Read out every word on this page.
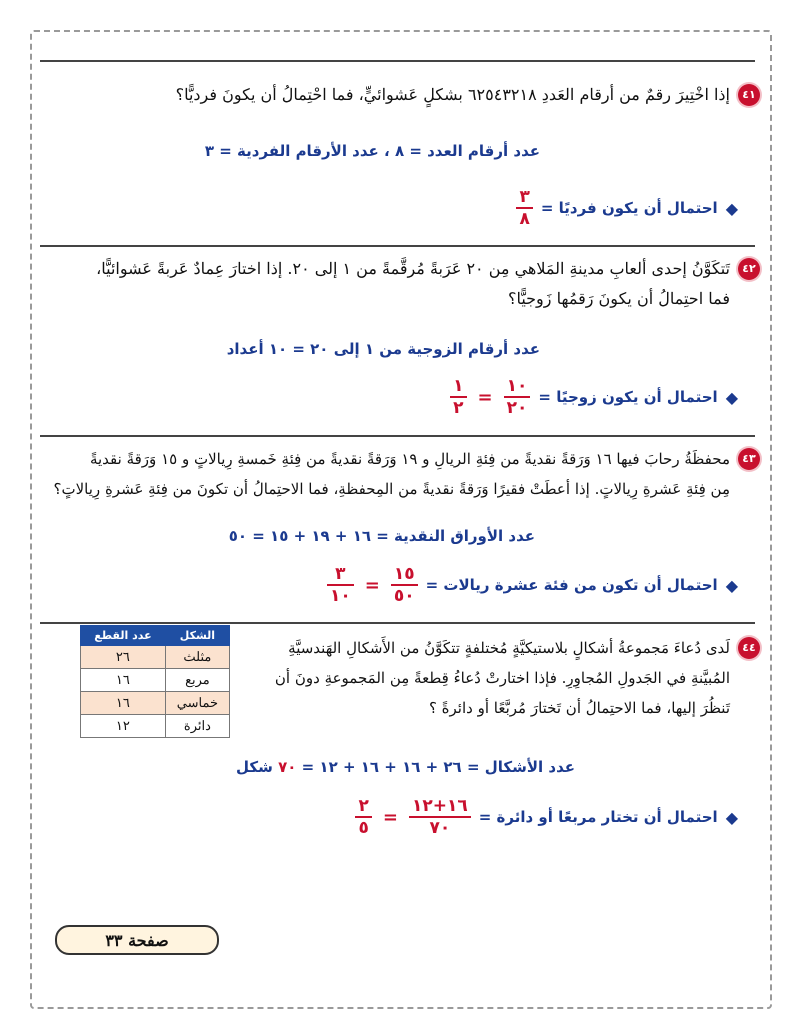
٤١
إذا اخْتِيرَ رقمٌ من أرقام العَددِ ٦٢٥٤٣٢١٨ بشكلٍ عَشوائيٍّ، فما احْتِمالُ أن يكونَ فرديًّا؟
عدد أرقام العدد = ٨ ، عدد الأرقام الفردية = ٣
◆
احتمال أن يكون فرديًا =
$\frac{٣}{٨}$
٤٢
تَتكَوَّنُ إحدى ألعابِ مدينةِ المَلاهي مِن ٢٠ عَرَبةً مُرقَّمةً من ١ إلى ٢٠. إذا اختارَ عِمادٌ عَربةً عَشوائيًّا،
فما احتِمالُ أن يكونَ رَقمُها زَوجيًّا؟
عدد أرقام الزوجية من ١ إلى ٢٠ = ١٠ أعداد
◆
احتمال أن يكون زوجيًا =
$\frac{١٠}{٢٠}$
=
$\frac{١}{٢}$
٤٣
محفظَةُ رحابَ فيها ١٦ وَرَقةً نقديةً من فِئةِ الريالِ و ١٩ وَرَقةً نقديةً من فِئةِ خَمسةِ رِيالاتٍ و ١٥ وَرَقةً نقديةً
مِن فِئةِ عَشرةِ رِيالاتٍ. إذا أعطَتْ فقيرًا وَرَقةً نقديةً من المِحفظةِ، فما الاحتِمالُ أن تكونَ من فِئةِ عَشرةِ رِيالاتٍ؟
عدد الأوراق النقدية = ١٦ + ١٩ + ١٥ = ٥٠
◆
احتمال أن تكون من فئة عشرة ريالات =
$\frac{١٥}{٥٠}$
=
$\frac{٣}{١٠}$
٤٤
لَدى دُعاءَ مَجموعةُ أشكالٍ بلاستيكيَّةٍ مُختلفةٍ تتكَوَّنُ من الأَشكالِ الهَندسيَّةِ
المُبيَّنةِ في الجَدولِ المُجاوِرِ. فإذا اختارتْ دُعاءُ قِطعةً مِن المَجموعةِ دونَ أن
تَنظُرَ إليها، فما الاحتِمالُ أن تَختارَ مُربَّعًا أو دائرةً ؟
الشكل	عدد القطع
مثلث	٢٦
مربع	١٦
خماسي	١٦
دائرة	١٢
عدد الأشكال = ٢٦ + ١٦ + ١٦ + ١٢ = ٧٠ شكل
◆
احتمال أن تختار مربعًا أو دائرة =
$\frac{١٦+١٢}{٧٠}$
=
$\frac{٢}{٥}$
صفحة ٣٣
